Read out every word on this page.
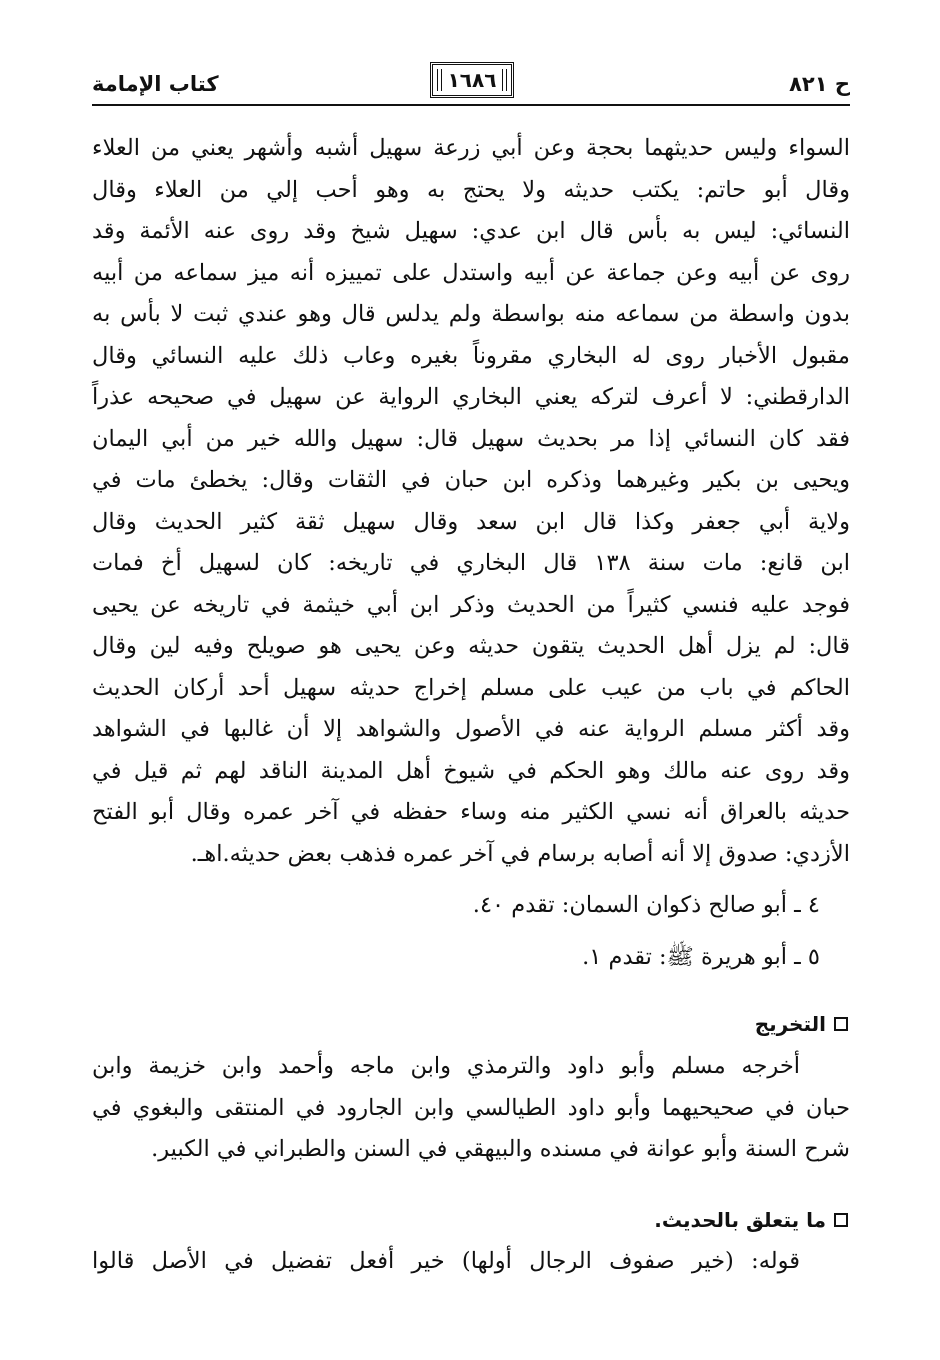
ح ٨٢١
١٦٨٦
كتاب الإمامة
السواء وليس حديثهما بحجة وعن أبي زرعة سهيل أشبه وأشهر يعني من العلاء
وقال أبو حاتم: يكتب حديثه ولا يحتج به وهو أحب إلي من العلاء وقال
النسائي: ليس به بأس قال ابن عدي: سهيل شيخ وقد روى عنه الأئمة وقد
روى عن أبيه وعن جماعة عن أبيه واستدل على تمييزه أنه ميز سماعه من أبيه
بدون واسطة من سماعه منه بواسطة ولم يدلس قال وهو عندي ثبت لا بأس به
مقبول الأخبار روى له البخاري مقروناً بغيره وعاب ذلك عليه النسائي وقال
الدارقطني: لا أعرف لتركه يعني البخاري الرواية عن سهيل في صحيحه عذراً
فقد كان النسائي إذا مر بحديث سهيل قال: سهيل والله خير من أبي اليمان
ويحيى بن بكير وغيرهما وذكره ابن حبان في الثقات وقال: يخطئ مات في
ولاية أبي جعفر وكذا قال ابن سعد وقال سهيل ثقة كثير الحديث وقال
ابن قانع: مات سنة ١٣٨ قال البخاري في تاريخه: كان لسهيل أخ فمات
فوجد عليه فنسي كثيراً من الحديث وذكر ابن أبي خيثمة في تاريخه عن يحيى
قال: لم يزل أهل الحديث يتقون حديثه وعن يحيى هو صويلح وفيه لين وقال
الحاكم في باب من عيب على مسلم إخراج حديثه سهيل أحد أركان الحديث
وقد أكثر مسلم الرواية عنه في الأصول والشواهد إلا أن غالبها في الشواهد
وقد روى عنه مالك وهو الحكم في شيوخ أهل المدينة الناقد لهم ثم قيل في
حديثه بالعراق أنه نسي الكثير منه وساء حفظه في آخر عمره وقال أبو الفتح
الأزدي: صدوق إلا أنه أصابه برسام في آخر عمره فذهب بعض حديثه.اهـ.
٤ ـ أبو صالح ذكوان السمان: تقدم ٤٠.
٥ ـ أبو هريرة ﷺ: تقدم ١.
التخريج
أخرجه مسلم وأبو داود والترمذي وابن ماجه وأحمد وابن خزيمة وابن
حبان في صحيحيهما وأبو داود الطيالسي وابن الجارود في المنتقى والبغوي في
شرح السنة وأبو عوانة في مسنده والبيهقي في السنن والطبراني في الكبير.
ما يتعلق بالحديث.
قوله: (خير صفوف الرجال أولها) خير أفعل تفضيل في الأصل قالوا
